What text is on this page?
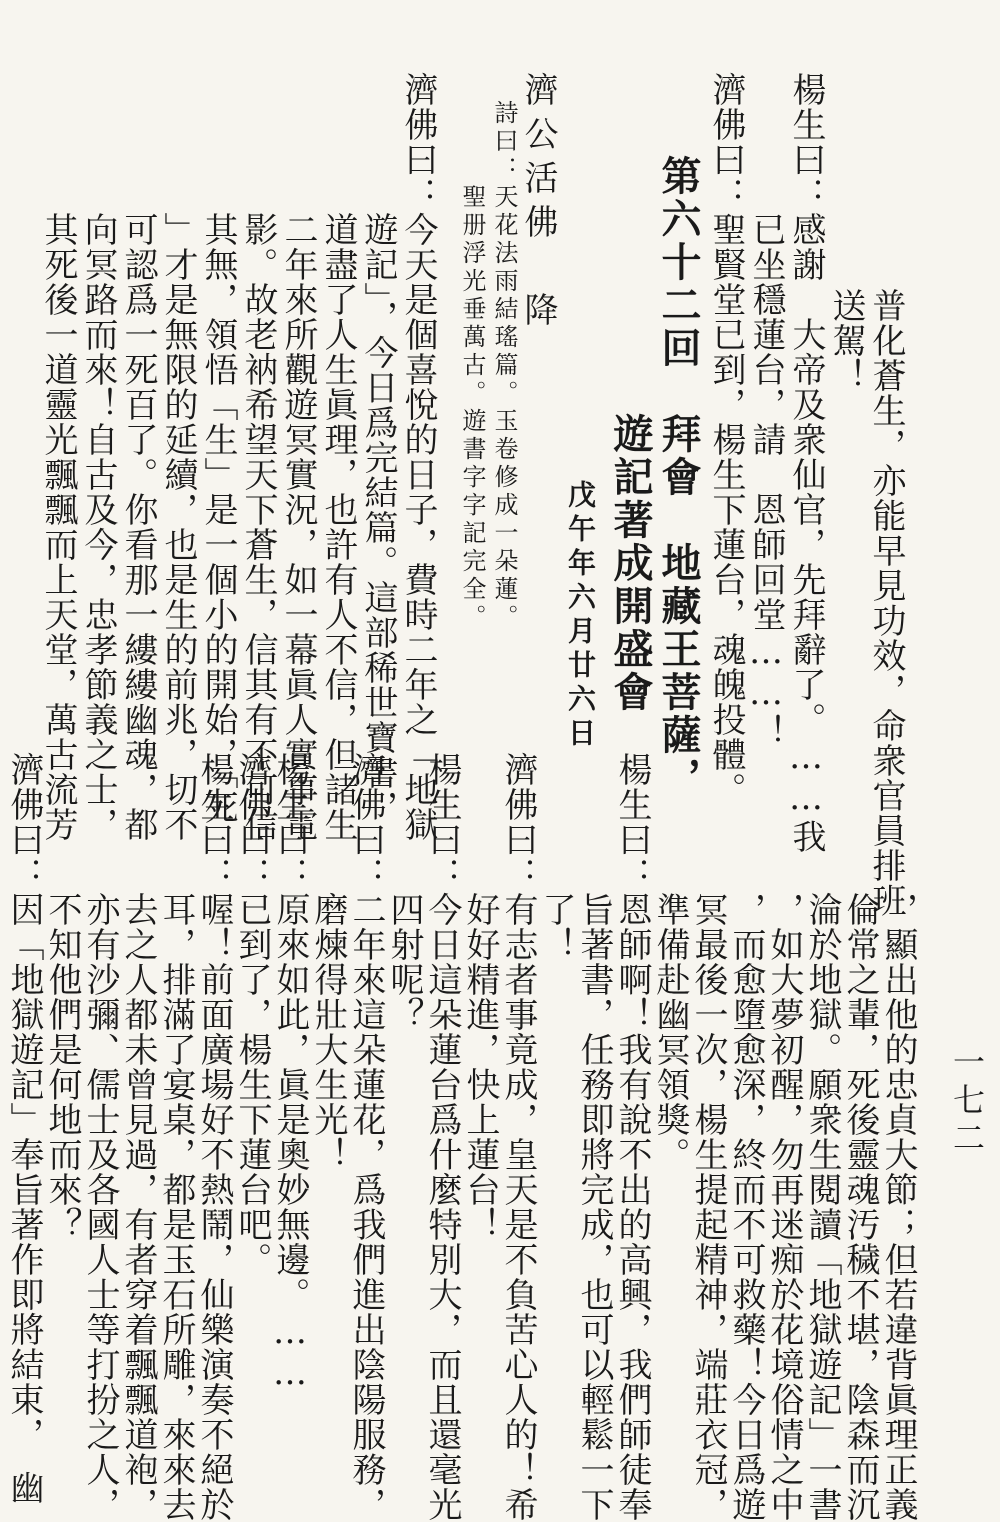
一七二
　　　　普化蒼生，亦能早見功效，命衆官員排班
　　　　送駕！
楊生曰：感謝　大帝及衆仙官，先拜辭了。……我
　　　　已坐穩蓮台，請　恩師回堂……！
濟佛曰：聖賢堂已到，楊生下蓮台，魂魄投體。
　第六十二回　拜會　地藏王菩薩，
　　　　　　　遊記著成開盛會
　　　　　　　　　　　　戊午年六月廿六日
濟公活佛　降
　詩曰：天花法雨結瑤篇。玉卷修成一朵蓮。
　　　　聖册浮光垂萬古。遊書字字記完全。
濟佛曰：今天是個喜悅的日子，費時二年之「地獄
　　　　遊記」，今日爲完結篇。這部稀世寶書，
　　　　道盡了人生眞理，也許有人不信，但諸生
　　　　二年來所觀遊冥實況，如一幕眞人實事電
　　　　影。故老衲希望天下蒼生，信其有不可信
　　　　其無，領悟「生」是一個小的開始，「死
　　　　」才是無限的延續，也是生的前兆，切不
　　　　可認爲一死百了。你看那一縷縷幽魂，都
　　　　向冥路而來！自古及今，忠孝節義之士，
　　　　其死後一道靈光飄飄而上天堂，萬古流芳
　　　　，顯出他的忠貞大節；但若違背眞理正義
　　　　倫常之輩，死後靈魂汚穢不堪，陰森而沉
　　　　淪於地獄。願衆生閱讀「地獄遊記」一書
　　　　，如大夢初醒，勿再迷痴於花境俗情之中
　　　　，而愈墮愈深，終而不可救藥！今日爲遊
　　　　冥最後一次，楊生提起精神，端莊衣冠，
　　　　準備赴幽冥領獎。
楊生曰：恩師啊！我有說不出的高興，我們師徒奉
　　　　旨著書，任務即將完成，也可以輕鬆一下
　　　　了！
濟佛曰：有志者事竟成，皇天是不負苦心人的！希
　　　　好好精進，快上蓮台！
楊生曰：今日這朵蓮台爲什麼特別大，而且還毫光
　　　　四射呢？
濟佛曰：二年來這朵蓮花，爲我們進出陰陽服務，
　　　　磨煉得壯大生光！
楊生曰：原來如此，眞是奧妙無邊。……
濟佛曰：已到了，楊生下蓮台吧。
楊生曰：喔！前面廣場好不熱鬧，仙樂演奏不絕於
　　　　耳，排滿了宴桌，都是玉石所雕，來來去
　　　　去之人都未曾見過，有者穿着飄飄道袍，
　　　　亦有沙彌、儒士及各國人士等打扮之人，
　　　　不知他們是何地而來？
濟佛曰：因「地獄遊記」奉旨著作即將結束，　幽
